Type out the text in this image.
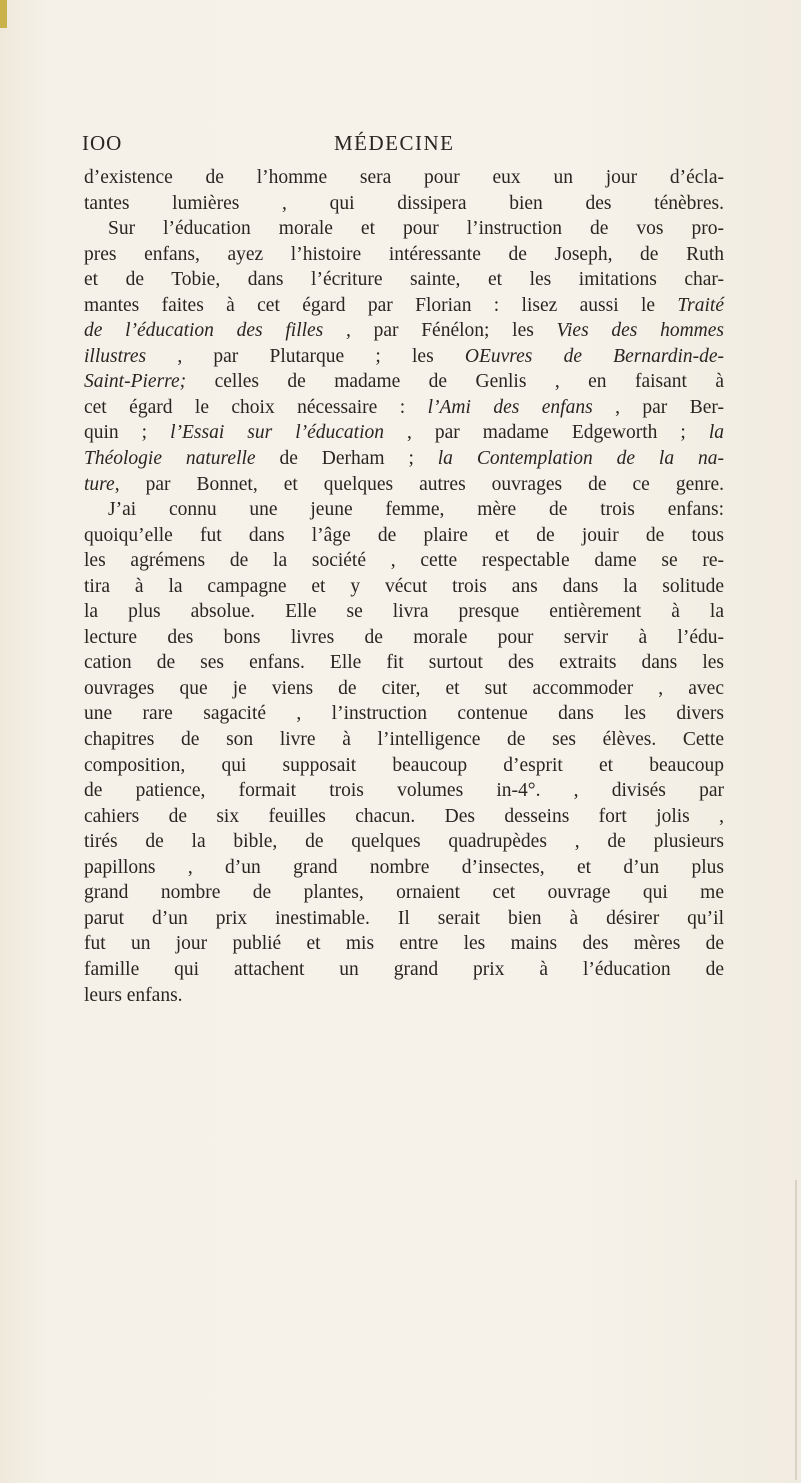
IOO	MÉDECINE
d’existence de l’homme sera pour eux un jour d’écla-
tantes lumières , qui dissipera bien des ténèbres.
Sur l’éducation morale et pour l’instruction de vos pro-
pres enfans, ayez l’histoire intéressante de Joseph, de Ruth
et de Tobie, dans l’écriture sainte, et les imitations char-
mantes faites à cet égard par Florian : lisez aussi le Traité
de l’éducation des filles , par Fénélon; les Vies des hommes
illustres , par Plutarque ; les OEuvres de Bernardin-de-
Saint-Pierre; celles de madame de Genlis , en faisant à
cet égard le choix nécessaire : l’Ami des enfans , par Ber-
quin ; l’Essai sur l’éducation , par madame Edgeworth ; la
Théologie naturelle de Derham ; la Contemplation de la na-
ture, par Bonnet, et quelques autres ouvrages de ce genre.
J’ai connu une jeune femme, mère de trois enfans:
quoiqu’elle fut dans l’âge de plaire et de jouir de tous
les agrémens de la société , cette respectable dame se re-
tira à la campagne et y vécut trois ans dans la solitude
la plus absolue. Elle se livra presque entièrement à la
lecture des bons livres de morale pour servir à l’édu-
cation de ses enfans. Elle fit surtout des extraits dans les
ouvrages que je viens de citer, et sut accommoder , avec
une rare sagacité , l’instruction contenue dans les divers
chapitres de son livre à l’intelligence de ses élèves. Cette
composition, qui supposait beaucoup d’esprit et beaucoup
de patience, formait trois volumes in-4°. , divisés par
cahiers de six feuilles chacun. Des desseins fort jolis ,
tirés de la bible, de quelques quadrupèdes , de plusieurs
papillons , d’un grand nombre d’insectes, et d’un plus
grand nombre de plantes, ornaient cet ouvrage qui me
parut d’un prix inestimable. Il serait bien à désirer qu’il
fut un jour publié et mis entre les mains des mères de
famille qui attachent un grand prix à l’éducation de
leurs enfans.
